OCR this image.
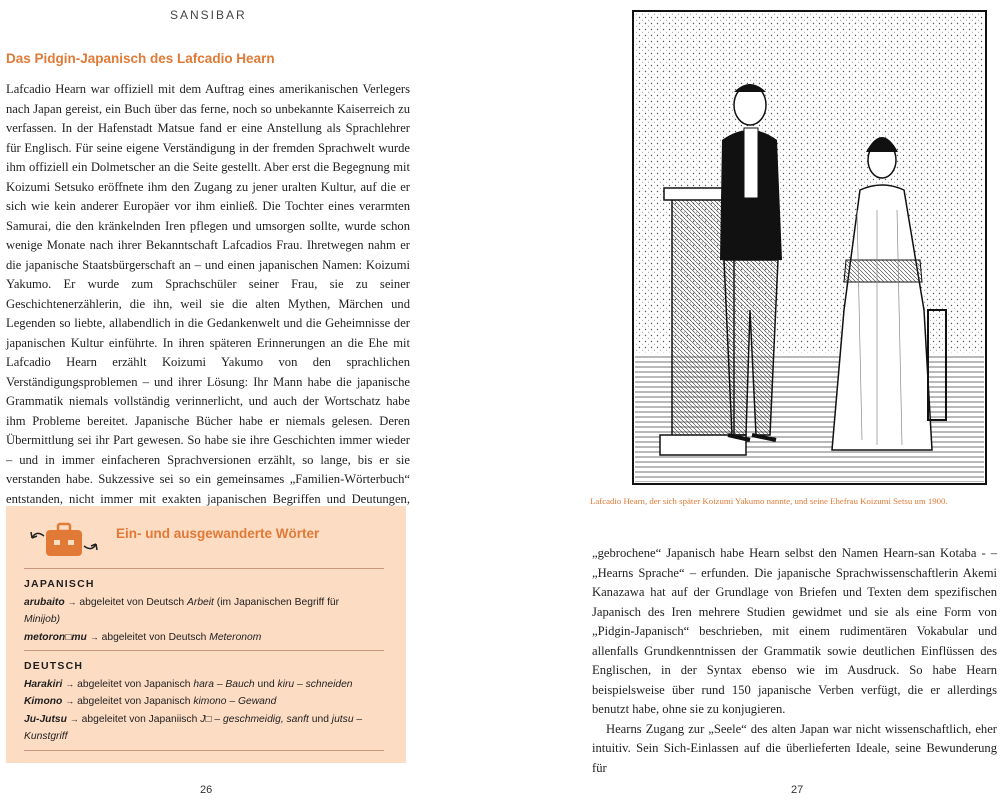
SANSIBAR
Das Pidgin-Japanisch des Lafcadio Hearn

Lafcadio Hearn war offiziell mit dem Auftrag eines amerikanischen Verlegers nach Japan gereist, ein Buch über das ferne, noch so unbekannte Kaiserreich zu verfassen. In der Hafenstadt Matsue fand er eine Anstellung als Sprachlehrer für Englisch. Für seine eigene Verständigung in der fremden Sprachwelt wurde ihm offiziell ein Dolmetscher an die Seite gestellt. Aber erst die Begegnung mit Koizumi Setsuko eröffnete ihm den Zugang zu jener uralten Kultur, auf die er sich wie kein anderer Europäer vor ihm einließ. Die Tochter eines verarmten Samurai, die den kränkelnden Iren pflegen und umsorgen sollte, wurde schon wenige Monate nach ihrer Bekanntschaft Lafcadios Frau. Ihretwegen nahm er die japanische Staatsbürgerschaft an – und einen japanischen Namen: Koizumi Yakumo. Er wurde zum Sprachschüler seiner Frau, sie zu seiner Geschichtenerzählerin, die ihn, weil sie die alten Mythen, Märchen und Legenden so liebte, allabendlich in die Gedankenwelt und die Geheimnisse der japanischen Kultur einführte. In ihren späteren Erinnerungen an die Ehe mit Lafcadio Hearn erzählt Koizumi Yakumo von den sprachlichen Verständigungsproblemen – und ihrer Lösung: Ihr Mann habe die japanische Grammatik niemals vollständig verinnerlicht, und auch der Wortschatz habe ihm Probleme bereitet. Japanische Bücher habe er niemals gelesen. Deren Übermittlung sei ihr Part gewesen. So habe sie ihre Geschichten immer wieder – und in immer einfacheren Sprachversionen erzählt, so lange, bis er sie verstanden habe. Sukzessive sei so ein gemeinsames „Familien-Wörterbuch“ entstanden, nicht immer mit exakten japanischen Begriffen und Deutungen,

Ein- und ausgewanderte Wörter
JAPANISCH
arubaito → abgeleitet von Deutsch Arbeit (im Japanischen Begriff für
Minijob)
metoron□mu → abgeleitet von Deutsch Meteronom
DEUTSCH
Harakiri → abgeleitet von Japanisch hara – Bauch und kiru – schneiden
Kimono → abgeleitet von Japanisch kimono – Gewand
Ju-Jutsu → abgeleitet von Japaniisch J□ – geschmeidig, sanft und jutsu –
Kunstgriff
26
Lafcadio Hearn, der sich später Koizumi Yakumo nannte, und seine Ehefrau Koizumi Setsu um 1900.
„gebrochene“ Japanisch habe Hearn selbst den Namen Hearn-san Kotaba - – „Hearns Sprache“ – erfunden. Die japanische Sprachwissenschaftlerin Akemi Kanazawa hat auf der Grundlage von Briefen und Texten dem spezifischen Japanisch des Iren mehrere Studien gewidmet und sie als eine Form von „Pidgin-Japanisch“ beschrieben, mit einem rudimentären Vokabular und allenfalls Grundkenntnissen der Grammatik sowie deutlichen Einflüssen des Englischen, in der Syntax ebenso wie im Ausdruck. So habe Hearn beispielsweise über rund 150 japanische Verben verfügt, die er allerdings benutzt habe, ohne sie zu konjugieren.
Hearns Zugang zur „Seele“ des alten Japan war nicht wissenschaftlich, eher intuitiv. Sein Sich-Einlassen auf die überlieferten Ideale, seine Bewunderung für
27
